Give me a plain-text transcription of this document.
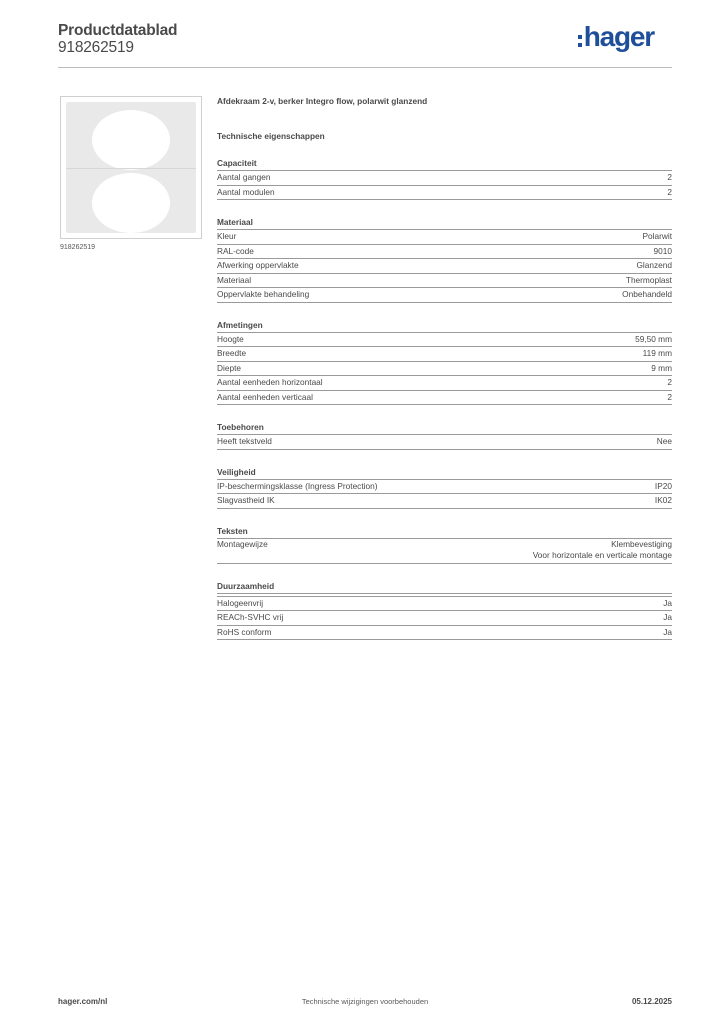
Productdatablad
918262519	hager
918262519
Afdekraam 2-v, berker Integro flow, polarwit glanzend
Technische eigenschappen
Capaciteit
Aantal gangen	2
Aantal modulen	2
Materiaal
Kleur	Polarwit
RAL-code	9010
Afwerking oppervlakte	Glanzend
Materiaal	Thermoplast
Oppervlakte behandeling	Onbehandeld
Afmetingen
Hoogte	59,50 mm
Breedte	119 mm
Diepte	9 mm
Aantal eenheden horizontaal	2
Aantal eenheden verticaal	2
Toebehoren
Heeft tekstveld	Nee
Veiligheid
IP-beschermingsklasse (Ingress Protection)	IP20
Slagvastheid IK	IK02
Teksten
Montagewijze	Klembevestiging
Voor horizontale en verticale montage
Duurzaamheid
Halogeenvrij	Ja
REACh-SVHC vrij	Ja
RoHS conform	Ja
hager.com/nl	Technische wijzigingen voorbehouden	05.12.2025
